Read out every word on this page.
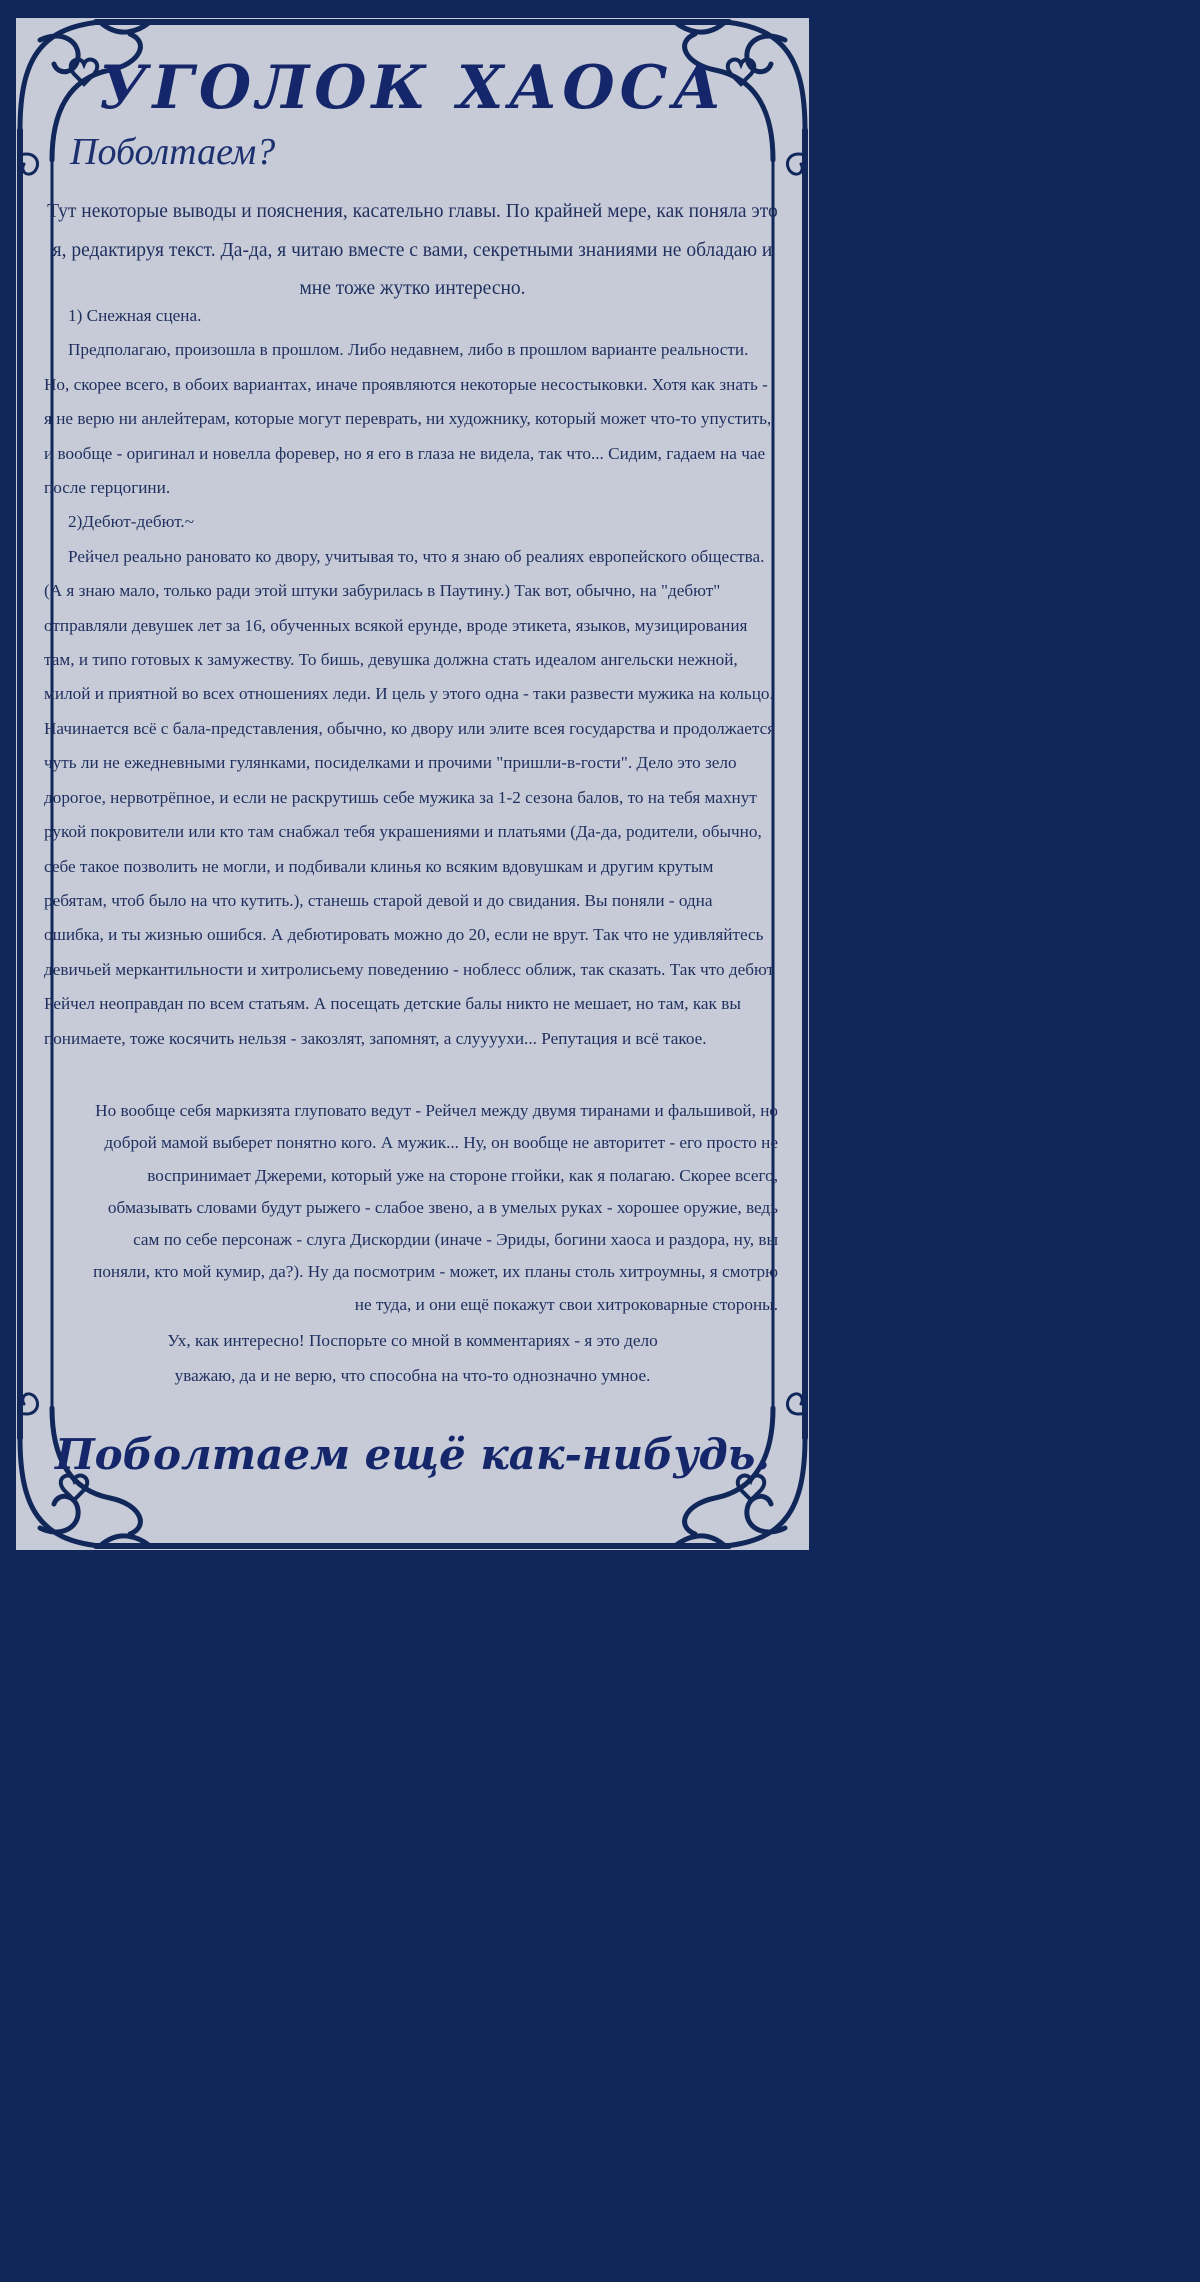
УГОЛОК ХАОСА
Поболтаем?
Тут некоторые выводы и пояснения, касательно главы. По крайней мере, как поняла это я, редактируя текст. Да-да, я читаю вместе с вами, секретными знаниями не обладаю и мне тоже жутко интересно.

1) Снежная сцена.

Предполагаю, произошла в прошлом. Либо недавнем, либо в прошлом варианте реальности. Но, скорее всего, в обоих вариантах, иначе проявляются некоторые несостыковки. Хотя как знать - я не верю ни анлейтерам, которые могут переврать, ни художнику, который может что-то упустить, и вообще - оригинал и новелла форевер, но я его в глаза не видела, так что... Сидим, гадаем на чае после герцогини.

2)Дебют-дебют.~

Рейчел реально рановато ко двору, учитывая то, что я знаю об реалиях европейского общества. (А я знаю мало, только ради этой штуки забурилась в Паутину.) Так вот, обычно, на "дебют" отправляли девушек лет за 16, обученных всякой ерунде, вроде этикета, языков, музицирования там, и типо готовых к замужеству. То бишь, девушка должна стать идеалом ангельски нежной, милой и приятной во всех отношениях леди. И цель у этого одна - таки развести мужика на кольцо. Начинается всё с бала-представления, обычно, ко двору или элите всея государства и продолжается чуть ли не ежедневными гулянками, посиделками и прочими "пришли-в-гости". Дело это зело дорогое, нервотрёпное, и если не раскрутишь себе мужика за 1-2 сезона балов, то на тебя махнут рукой покровители или кто там снабжал тебя украшениями и платьями (Да-да, родители, обычно, себе такое позволить не могли, и подбивали клинья ко всяким вдовушкам и другим крутым ребятам, чтоб было на что кутить.), станешь старой девой и до свидания. Вы поняли - одна ошибка, и ты жизнью ошибся. А дебютировать можно до 20, если не врут. Так что не удивляйтесь девичьей меркантильности и хитролисьему поведению - ноблесс оближ, так сказать. Так что дебют Рейчел неоправдан по всем статьям. А посещать детские балы никто не мешает, но там, как вы понимаете, тоже косячить нельзя - закозлят, запомнят, а слуууухи... Репутация и всё такое.

Но вообще себя маркизята глуповато ведут - Рейчел между двумя тиранами и фальшивой, но доброй мамой выберет понятно кого. А мужик... Ну, он вообще не авторитет - его просто не воспринимает Джереми, который уже на стороне ггойки, как я полагаю. Скорее всего, обмазывать словами будут рыжего - слабое звено, а в умелых руках - хорошее оружие, ведь сам по себе персонаж - слуга Дискордии (иначе - Эриды, богини хаоса и раздора, ну, вы поняли, кто мой кумир, да?). Ну да посмотрим - может, их планы столь хитроумны, я смотрю не туда, и они ещё покажут свои хитроковарные стороны.
Ух, как интересно! Поспорьте со мной в комментариях - я это дело уважаю, да и не верю, что способна на что-то однозначно умное.
Поболтаем ещё как-нибудь.
